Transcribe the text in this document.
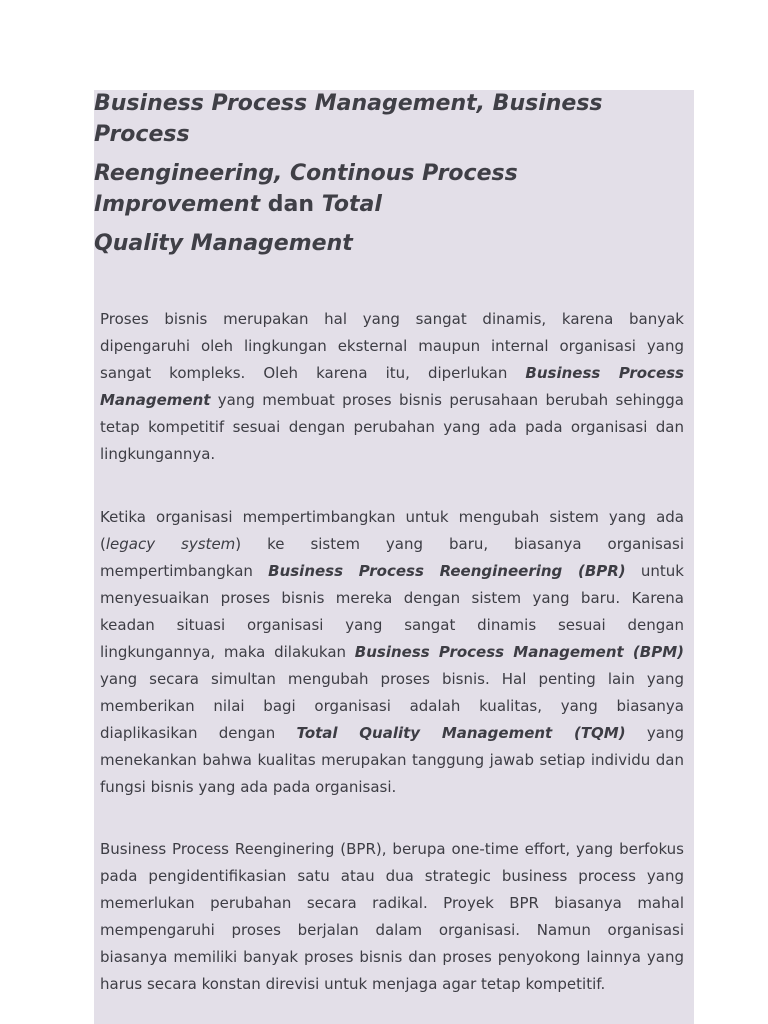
Business Process Management, Business Process
Reengineering, Continous Process Improvement dan Total
Quality Management

Proses bisnis merupakan hal yang sangat dinamis, karena banyak dipengaruhi oleh lingkungan eksternal maupun internal organisasi yang sangat kompleks. Oleh karena itu, diperlukan Business Process Management yang membuat proses bisnis perusahaan berubah sehingga tetap kompetitif sesuai dengan perubahan yang ada pada organisasi dan lingkungannya.

Ketika organisasi mempertimbangkan untuk mengubah sistem yang ada (legacy system) ke sistem yang baru, biasanya organisasi mempertimbangkan Business Process Reengineering (BPR) untuk menyesuaikan proses bisnis mereka dengan sistem yang baru. Karena keadan situasi organisasi yang sangat dinamis sesuai dengan lingkungannya, maka dilakukan Business Process Management (BPM) yang secara simultan mengubah proses bisnis. Hal penting lain yang memberikan nilai bagi organisasi adalah kualitas, yang biasanya diaplikasikan dengan Total Quality Management (TQM) yang menekankan bahwa kualitas merupakan tanggung jawab setiap individu dan fungsi bisnis yang ada pada organisasi.

Business Process Reenginering (BPR), berupa one-time effort, yang berfokus pada pengidentifikasian satu atau dua strategic business process yang memerlukan perubahan secara radikal. Proyek BPR biasanya mahal mempengaruhi proses berjalan dalam organisasi. Namun organisasi biasanya memiliki banyak proses bisnis dan proses penyokong lainnya yang harus secara konstan direvisi untuk menjaga agar tetap kompetitif.
